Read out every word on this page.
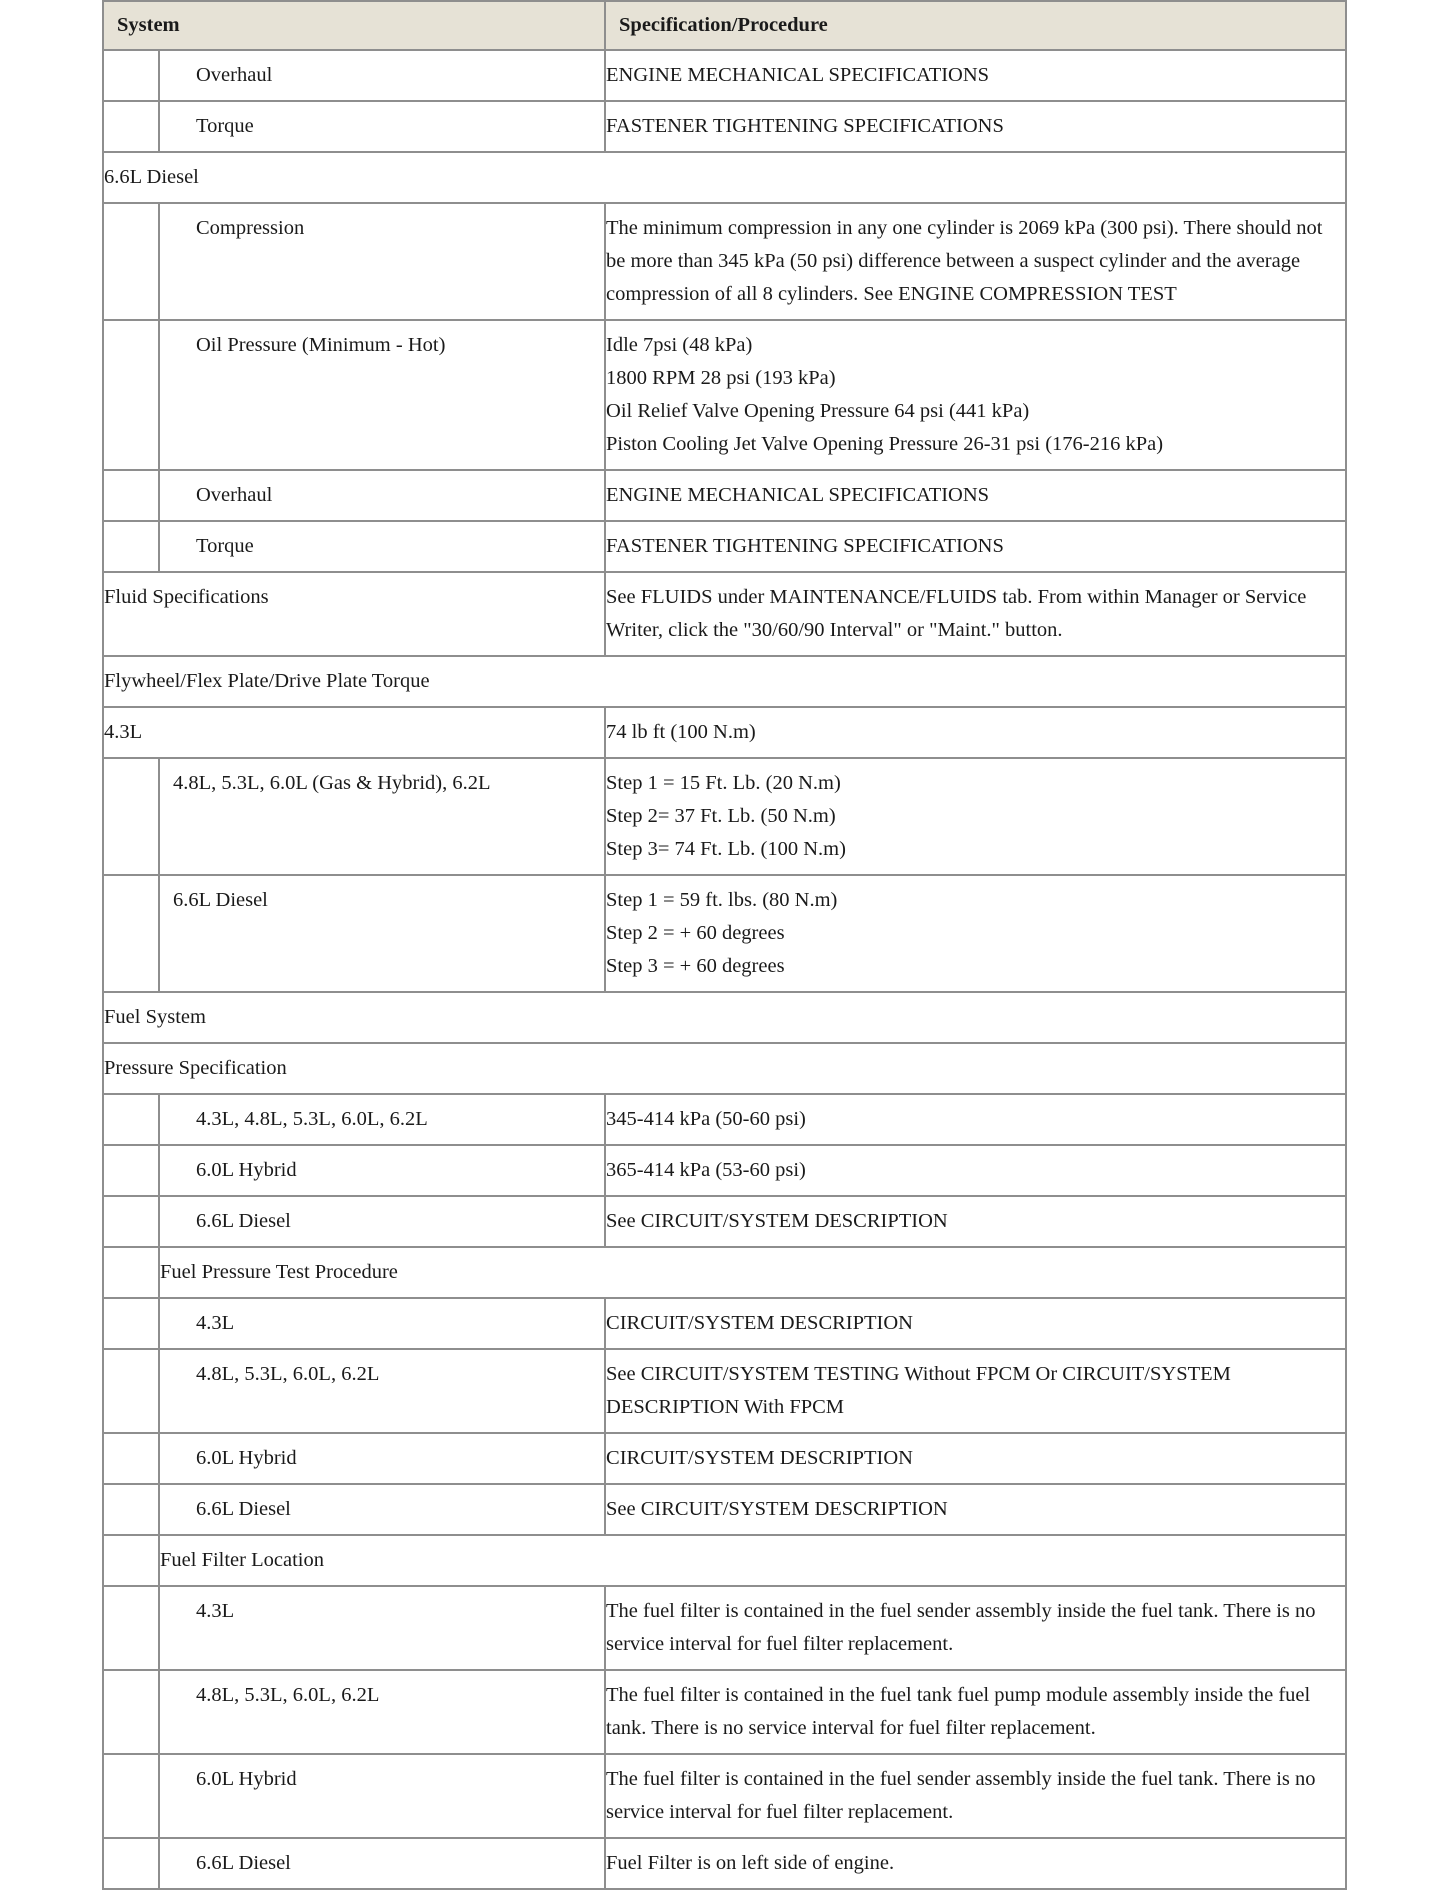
System		Specification/Procedure
	Overhaul	ENGINE MECHANICAL SPECIFICATIONS
	Torque	FASTENER TIGHTENING SPECIFICATIONS
6.6L Diesel		
	Compression	The minimum compression in any one cylinder is 2069 kPa (300 psi). There should not be more than 345 kPa (50 psi) difference between a suspect cylinder and the average compression of all 8 cylinders. See ENGINE COMPRESSION TEST
	Oil Pressure (Minimum - Hot)	Idle 7psi (48 kPa)
1800 RPM 28 psi (193 kPa)
Oil Relief Valve Opening Pressure 64 psi (441 kPa)
Piston Cooling Jet Valve Opening Pressure 26-31 psi (176-216 kPa)

	Overhaul	ENGINE MECHANICAL SPECIFICATIONS
	Torque	FASTENER TIGHTENING SPECIFICATIONS
Fluid Specifications		See FLUIDS under MAINTENANCE/FLUIDS tab. From within Manager or Service Writer, click the "30/60/90 Interval" or "Maint." button.
Flywheel/Flex Plate/Drive Plate Torque		
4.3L		74 lb ft (100 N.m)
	4.8L, 5.3L, 6.0L (Gas & Hybrid), 6.2L	Step 1 = 15 Ft. Lb. (20 N.m)
Step 2= 37 Ft. Lb. (50 N.m)
Step 3= 74 Ft. Lb. (100 N.m)

	6.6L Diesel	Step 1 = 59 ft. lbs. (80 N.m)
Step 2 = + 60 degrees
Step 3 = + 60 degrees

Fuel System		
Pressure Specification		
	4.3L, 4.8L, 5.3L, 6.0L, 6.2L	345-414 kPa (50-60 psi)
	6.0L Hybrid	365-414 kPa (53-60 psi)
	6.6L Diesel	See CIRCUIT/SYSTEM DESCRIPTION
	Fuel Pressure Test Procedure	
	4.3L	CIRCUIT/SYSTEM DESCRIPTION
	4.8L, 5.3L, 6.0L, 6.2L	See CIRCUIT/SYSTEM TESTING Without FPCM Or CIRCUIT/SYSTEM DESCRIPTION With FPCM
	6.0L Hybrid	CIRCUIT/SYSTEM DESCRIPTION
	6.6L Diesel	See CIRCUIT/SYSTEM DESCRIPTION
	Fuel Filter Location	
	4.3L	The fuel filter is contained in the fuel sender assembly inside the fuel tank. There is no service interval for fuel filter replacement.
	4.8L, 5.3L, 6.0L, 6.2L	The fuel filter is contained in the fuel tank fuel pump module assembly inside the fuel tank. There is no service interval for fuel filter replacement.
	6.0L Hybrid	The fuel filter is contained in the fuel sender assembly inside the fuel tank. There is no service interval for fuel filter replacement.
	6.6L Diesel	Fuel Filter is on left side of engine.
